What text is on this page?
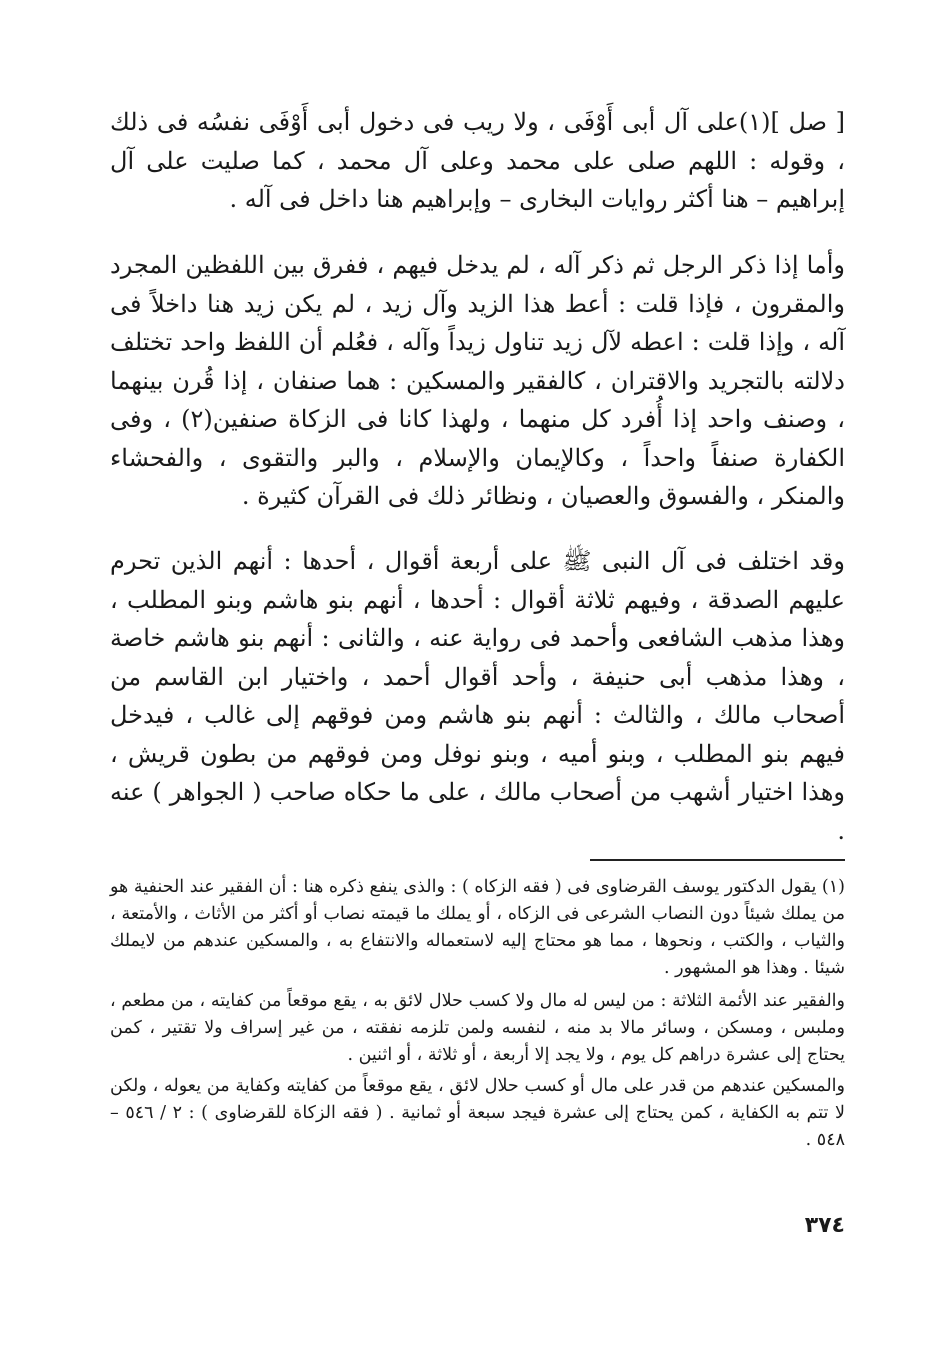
[ صل ](١)على آل أبى أَوْفَى ، ولا ريب فى دخول أبى أَوْفَى نفسُه فى ذلك ، وقوله : اللهم صلى على محمد وعلى آل محمد ، كما صليت على آل إبراهيم – هنا أكثر روايات البخارى – وإبراهيم هنا داخل فى آله .

وأما إذا ذكر الرجل ثم ذكر آله ، لم يدخل فيهم ، ففرق بين اللفظين المجرد والمقرون ، فإذا قلت : أعط هذا الزيد وآل زيد ، لم يكن زيد هنا داخلاً فى آله ، وإذا قلت : اعطه لآل زيد تناول زيداً وآله ، فعُلم أن اللفظ واحد تختلف دلالته بالتجريد والاقتران ، كالفقير والمسكين : هما صنفان ، إذا قُرن بينهما ، وصنف واحد إذا أُفرد كل منهما ، ولهذا كانا فى الزكاة صنفين(٢) ، وفى الكفارة صنفاً واحداً ، وكالإيمان والإسلام ، والبر والتقوى ، والفحشاء والمنكر ، والفسوق والعصيان ، ونظائر ذلك فى القرآن كثيرة .

وقد اختلف فى آل النبى ﷺ على أربعة أقوال ، أحدها : أنهم الذين تحرم عليهم الصدقة ، وفيهم ثلاثة أقوال : أحدها ، أنهم بنو هاشم وبنو المطلب ، وهذا مذهب الشافعى وأحمد فى رواية عنه ، والثانى : أنهم بنو هاشم خاصة ، وهذا مذهب أبى حنيفة ، وأحد أقوال أحمد ، واختيار ابن القاسم من أصحاب مالك ، والثالث : أنهم بنو هاشم ومن فوقهم إلى غالب ، فيدخل فيهم بنو المطلب ، وبنو أميه ، وبنو نوفل ومن فوقهم من بطون قريش ، وهذا اختيار أشهب من أصحاب مالك ، على ما حكاه صاحب ( الجواهر ) عنه .

(١) يقول الدكتور يوسف القرضاوى فى ( فقه الزكاه ) : والذى ينفع ذكره هنا : أن الفقير عند الحنفية هو من يملك شيئاً دون النصاب الشرعى فى الزكاه ، أو يملك ما قيمته نصاب أو أكثر من الأثاث ، والأمتعة ، والثياب ، والكتب ، ونحوها ، مما هو محتاج إليه لاستعماله والانتفاع به ، والمسكين عندهم من لايملك شيئا . وهذا هو المشهور .

والفقير عند الأئمة الثلاثة : من ليس له مال ولا كسب حلال لائق به ، يقع موقعاً من كفايته ، من مطعم ، وملبس ، ومسكن ، وسائر مالا بد منه ، لنفسه ولمن تلزمه نفقته ، من غير إسراف ولا تقتير ، كمن يحتاج إلى عشرة دراهم كل يوم ، ولا يجد إلا أربعة ، أو ثلاثة ، أو اثنين .

والمسكين عندهم من قدر على مال أو كسب حلال لائق ، يقع موقعاً من كفايته وكفاية من يعوله ، ولكن لا تتم به الكفاية ، كمن يحتاج إلى عشرة فيجد سبعة أو ثمانية . ( فقه الزكاة للقرضاوى ) : ٢ / ٥٤٦ – ٥٤٨ .

٣٧٤
